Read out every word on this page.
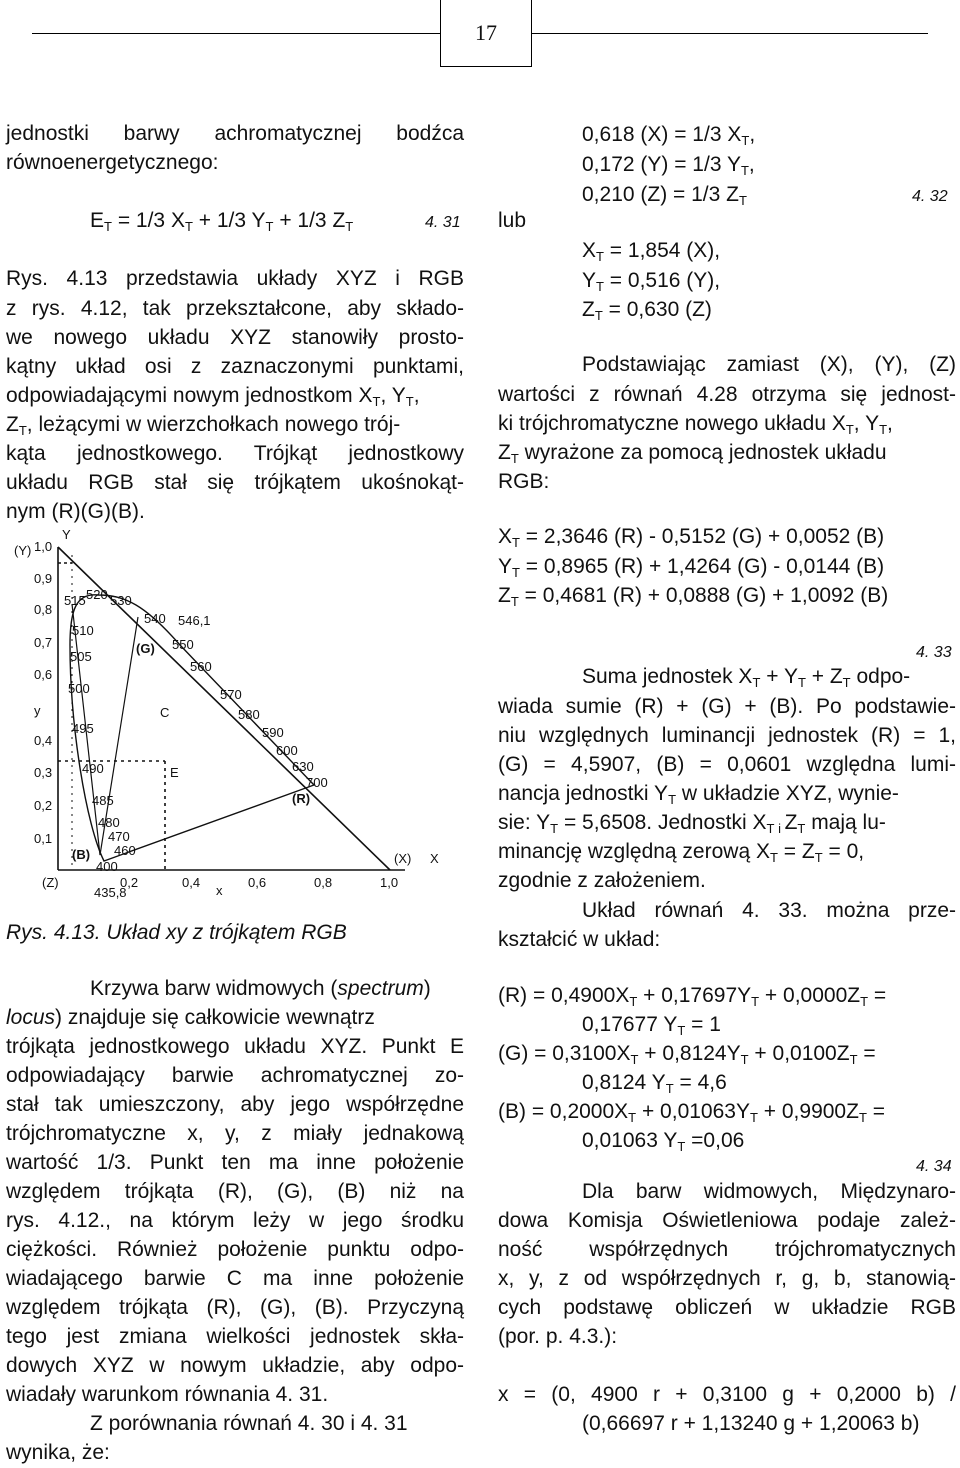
17
jednostki barwy achromatycznej bodźca
równoenergetycznego:
$E_T = 1/3$ $X_T + 1/3$ $Y_T + 1/3$ $Z_T$	4. 31
Rys. 4.13 przedstawia układy XYZ i RGB
z rys. 4.12, tak przekształcone, aby składo-
we nowego układu XYZ stanowiły prosto-
kątny układ osi z zaznaczonymi punktami,
odpowiadającymi nowym jednostkom $X_T$, $Y_T$,
$Z_T$, leżącymi w wierzchołkach nowego trój-
kąta jednostkowego. Trójkąt jednostkowy
układu RGB stał się trójkątem ukośnokąt-
nym (R)(G)(B).
Y
(Y) 1,0
0,9
0,8
0,7
0,6
y
0,4
0,3
0,2
0,1
(Z)	0,2	0,4
x
0,6	0,8	1,0
(X) X
(G)
(R)
(B)
C
E
515 520 530
510
505
500
495
490
485
480
470
460
400
435,8
540 546,1
550
560
570
580
590
600
630
700
Rys. 4.13. Układ xy z trójkątem RGB
Krzywa barw widmowych (spectrum)
locus) znajduje się całkowicie wewnątrz
trójkąta jednostkowego układu XYZ. Punkt E
odpowiadający barwie achromatycznej zo-
stał tak umieszczony, aby jego współrzędne
trójchromatyczne x, y, z miały jednakową
wartość 1/3. Punkt ten ma inne położenie
względem trójkąta (R), (G), (B) niż na
rys. 4.12., na którym leży w jego środku
ciężkości. Również położenie punktu odpo-
wiadającego barwie C ma inne położenie
względem trójkąta (R), (G), (B). Przyczyną
tego jest zmiana wielkości jednostek skła-
dowych XYZ w nowym układzie, aby odpo-
wiadały warunkom równania 4. 31.
Z porównania równań 4. 30 i 4. 31
wynika, że:
0,618 (X) = 1/3 $X_T$,
0,172 (Y) = 1/3 $Y_T$,
0,210 (Z) = 1/3 $Z_T$	4. 32
lub
$X_T = 1,854$ (X),
$Y_T = 0,516$ (Y),
$Z_T = 0,630$ (Z)
Podstawiając zamiast (X), (Y), (Z)
wartości z równań 4.28 otrzyma się jednost-
ki trójchromatyczne nowego układu $X_T$, $Y_T$,
$Z_T$ wyrażone za pomocą jednostek układu
RGB:
$X_T = 2,3646$ (R) - 0,5152 (G) + 0,0052 (B)
$Y_T = 0,8965$ (R) + 1,4264 (G) - 0,0144 (B)
$Z_T = 0,4681$ (R) + 0,0888 (G) + 1,0092 (B)
4. 33
Suma jednostek $X_T + Y_T + Z_T$ odpo-
wiada sumie (R) + (G) + (B). Po podstawie-
niu względnych luminancji jednostek (R) = 1,
(G) = 4,5907, (B) = 0,0601 względna lumi-
nancja jednostki $Y_T$ w układzie XYZ, wynie-
sie: $Y_T = 5,6508$. Jednostki $X_T$ $_i$ $Z_T$ mają lu-
minancję względną zerową $X_T = Z_T = 0$,
zgodnie z założeniem.
Układ równań 4. 33. można prze-
kształcić w układ:
$(R) = 0,4900X_T + 0,17697Y_T + 0,0000Z_T$ =
0,17677 $Y_T = 1$
$(G) = 0,3100X_T + 0,8124Y_T + 0,0100Z_T$ =
0,8124 $Y_T = 4,6$
$(B) = 0,2000X_T + 0,01063Y_T + 0,9900Z_T$ =
0,01063 $Y_T =0,06$
4. 34
Dla barw widmowych, Międzynaro-
dowa Komisja Oświetleniowa podaje zależ-
ność współrzędnych trójchromatycznych
x, y, z od współrzędnych r, g, b, stanowią-
cych podstawę obliczeń w układzie RGB
(por. p. 4.3.):
x = (0, 4900 r + 0,3100 g + 0,2000 b) /
(0,66697 r + 1,13240 g + 1,20063 b)
